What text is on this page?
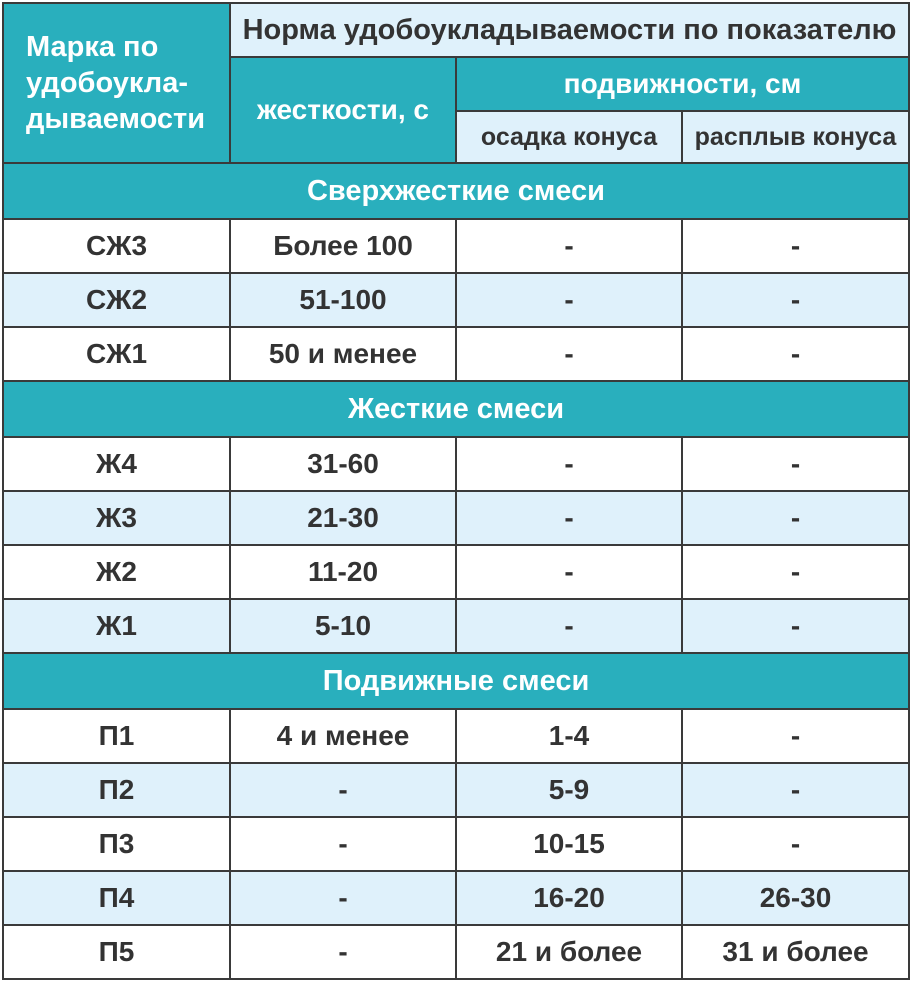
Марка по
удобоукла-
дываемости	Норма удобоукладываемости по показателю		
	жесткости, с	подвижности, см	
		осадка конуса	расплыв конуса
Сверхжесткие смеси			
СЖ3	Более 100	-	-
СЖ2	51-100	-	-
СЖ1	50 и менее	-	-
Жесткие смеси			
Ж4	31-60	-	-
Ж3	21-30	-	-
Ж2	11-20	-	-
Ж1	5-10	-	-
Подвижные смеси			
П1	4 и менее	1-4	-
П2	-	5-9	-
П3	-	10-15	-
П4	-	16-20	26-30
П5	-	21 и более	31 и более
